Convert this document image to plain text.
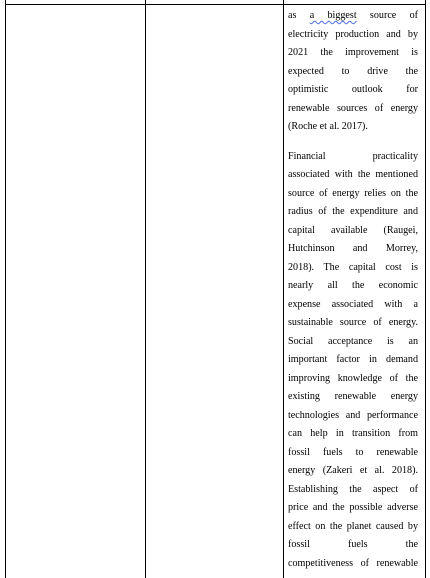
as a biggest source of
electricity production and by
2021 the improvement is
expected to drive the
optimistic outlook for
renewable sources of energy
(Roche et al. 2017).
Financial practicality
associated with the mentioned
source of energy relies on the
radius of the expenditure and
capital available (Raugei,
Hutchinson and Morrey,
2018). The capital cost is
nearly all the economic
expense associated with a
sustainable source of energy.
Social acceptance is an
important factor in demand
improving knowledge of the
existing renewable energy
technologies and performance
can help in transition from
fossil fuels to renewable
energy (Zakeri et al. 2018).
Establishing the aspect of
price and the possible adverse
effect on the planet caused by
fossil fuels the
competitiveness of renewable
